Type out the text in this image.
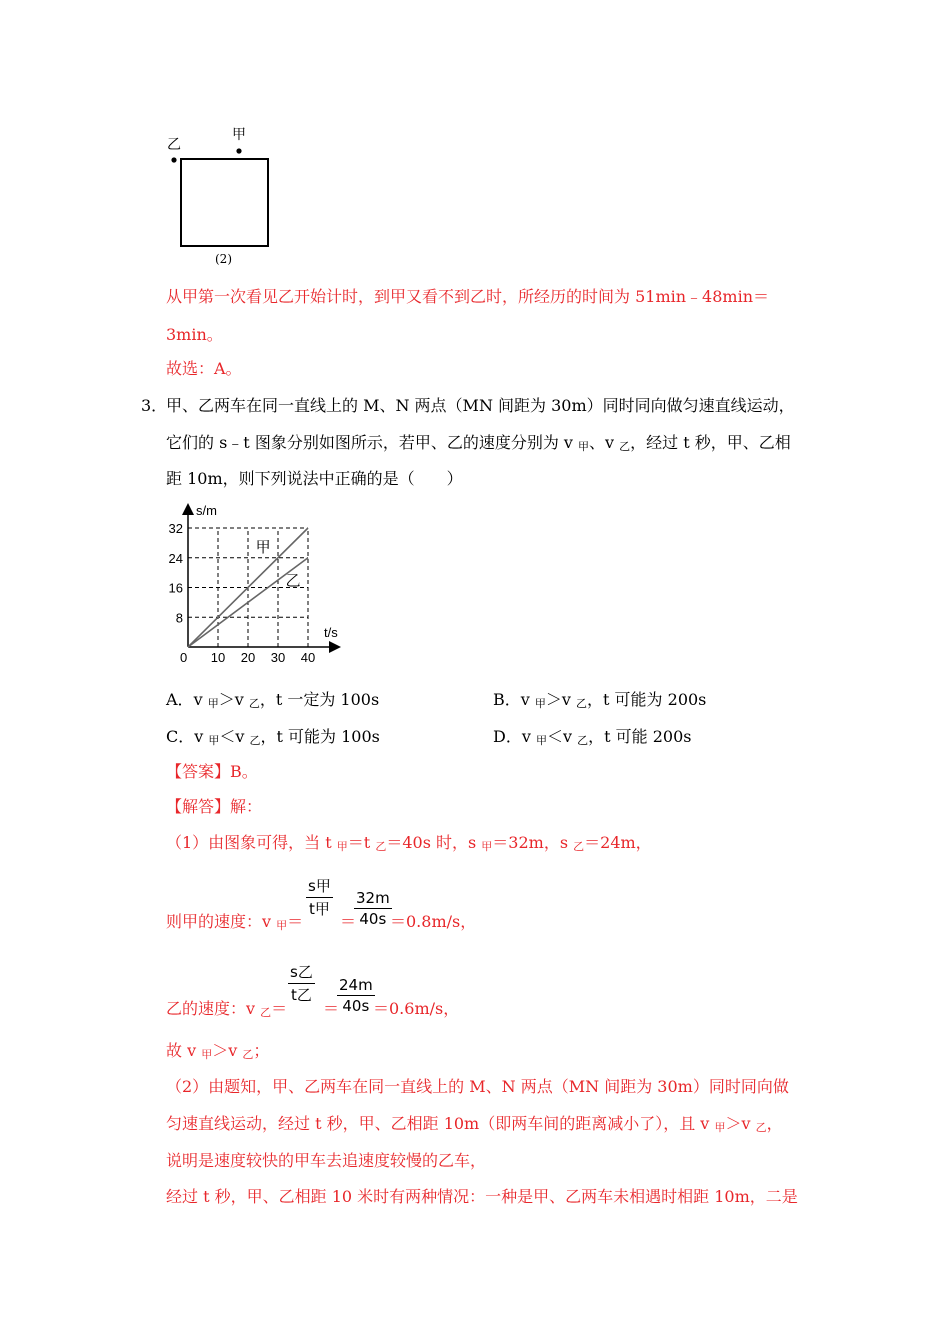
乙
甲
(2)
从甲第一次看见乙开始计时，到甲又看不到乙时，所经历的时间为 51min﹣48min＝
3min。
故选：A。
3．
甲、乙两车在同一直线上的 M、N 两点（MN 间距为 30m）同时同向做匀速直线运动，
它们的 s﹣t 图象分别如图所示，若甲、乙的速度分别为 v $_甲$、v $_乙$，经过 t 秒，甲、乙相
距 10m，则下列说法中正确的是（　　）
s/m
t/s
0 10 20 30 40
8
16
24
32
甲
乙
A．v $_甲$＞v $_乙$，t 一定为 100s	B．v $_甲$＞v $_乙$，t 可能为 200s
C．v $_甲$＜v $_乙$，t 可能为 100s	D．v $_甲$＜v $_乙$，t 可能 200s
【答案】B。
【解答】解：
（1）由图象可得，当 t $_甲$＝t $_乙$＝40s 时，s $_甲$＝32m，s $_乙$＝24m，
则甲的速度：v $_甲$＝
s甲
t甲
＝
$\frac{32m}{40s}$
＝0.8m/s，
乙的速度：v $_乙$＝
s乙
t乙
＝
$\frac{24m}{40s}$
＝0.6m/s，
故 v $_甲$＞v $_乙$；
（2）由题知，甲、乙两车在同一直线上的 M、N 两点（MN 间距为 30m）同时同向做
匀速直线运动，经过 t 秒，甲、乙相距 10m（即两车间的距离减小了），且 v $_甲$＞v $_乙$，
说明是速度较快的甲车去追速度较慢的乙车，
经过 t 秒，甲、乙相距 10 米时有两种情况：一种是甲、乙两车未相遇时相距 10m，二是
